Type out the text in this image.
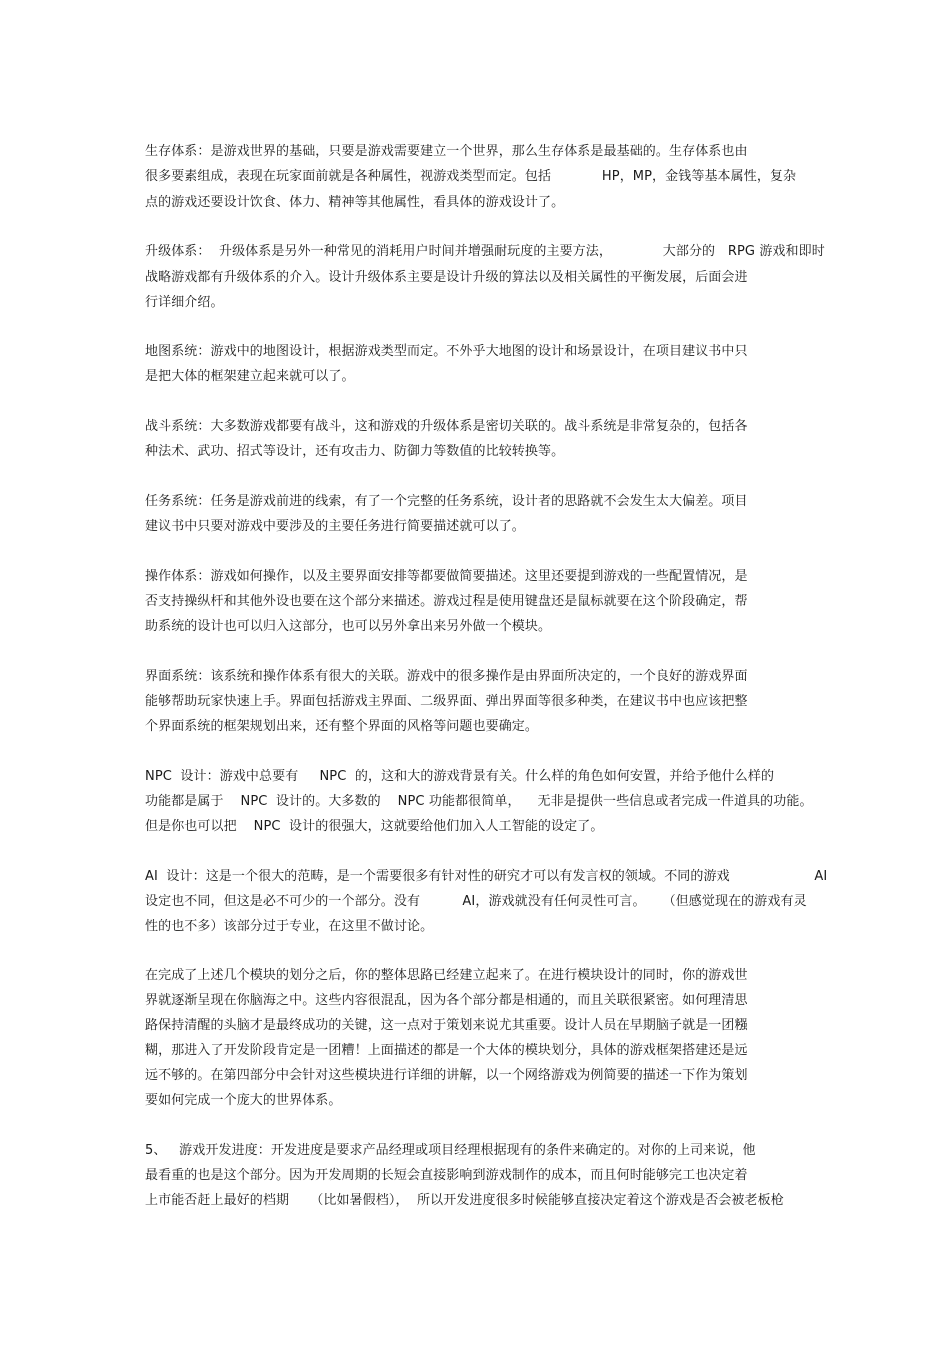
生存体系：是游戏世界的基础，只要是游戏需要建立一个世界，那么生存体系是最基础的。生存体系也由

很多要素组成，表现在玩家面前就是各种属性，视游戏类型而定。包括            HP，MP，金钱等基本属性，复杂

点的游戏还要设计饮食、体力、精神等其他属性，看具体的游戏设计了。

升级体系：  升级体系是另外一种常见的消耗用户时间并增强耐玩度的主要方法，            大部分的   RPG 游戏和即时

战略游戏都有升级体系的介入。设计升级体系主要是设计升级的算法以及相关属性的平衡发展，后面会进

行详细介绍。

地图系统：游戏中的地图设计，根据游戏类型而定。不外乎大地图的设计和场景设计，在项目建议书中只

是把大体的框架建立起来就可以了。

战斗系统：大多数游戏都要有战斗，这和游戏的升级体系是密切关联的。战斗系统是非常复杂的，包括各

种法术、武功、招式等设计，还有攻击力、防御力等数值的比较转换等。

任务系统：任务是游戏前进的线索，有了一个完整的任务系统，设计者的思路就不会发生太大偏差。项目

建议书中只要对游戏中要涉及的主要任务进行简要描述就可以了。

操作体系：游戏如何操作，以及主要界面安排等都要做简要描述。这里还要提到游戏的一些配置情况，是

否支持操纵杆和其他外设也要在这个部分来描述。游戏过程是使用键盘还是鼠标就要在这个阶段确定，帮

助系统的设计也可以归入这部分，也可以另外拿出来另外做一个模块。

界面系统：该系统和操作体系有很大的关联。游戏中的很多操作是由界面所决定的，一个良好的游戏界面

能够帮助玩家快速上手。界面包括游戏主界面、二级界面、弹出界面等很多种类，在建议书中也应该把整

个界面系统的框架规划出来，还有整个界面的风格等问题也要确定。

NPC  设计：游戏中总要有     NPC  的，这和大的游戏背景有关。什么样的角色如何安置，并给予他什么样的

功能都是属于    NPC  设计的。大多数的    NPC 功能都很简单，    无非是提供一些信息或者完成一件道具的功能。

但是你也可以把    NPC  设计的很强大，这就要给他们加入人工智能的设定了。

AI  设计：这是一个很大的范畴，是一个需要很多有针对性的研究才可以有发言权的领域。不同的游戏                    AI

设定也不同，但这是必不可少的一个部分。没有          AI，游戏就没有任何灵性可言。    （但感觉现在的游戏有灵

性的也不多）该部分过于专业，在这里不做讨论。

在完成了上述几个模块的划分之后，你的整体思路已经建立起来了。在进行模块设计的同时，你的游戏世

界就逐渐呈现在你脑海之中。这些内容很混乱，因为各个部分都是相通的，而且关联很紧密。如何理清思

路保持清醒的头脑才是最终成功的关键，这一点对于策划来说尤其重要。设计人员在早期脑子就是一团糨

糊，那进入了开发阶段肯定是一团糟！上面描述的都是一个大体的模块划分，具体的游戏框架搭建还是远

远不够的。在第四部分中会针对这些模块进行详细的讲解，以一个网络游戏为例简要的描述一下作为策划

要如何完成一个庞大的世界体系。

5、   游戏开发进度：开发进度是要求产品经理或项目经理根据现有的条件来确定的。对你的上司来说，他

最看重的也是这个部分。因为开发周期的长短会直接影响到游戏制作的成本，而且何时能够完工也决定着

上市能否赶上最好的档期     （比如暑假档），  所以开发进度很多时候能够直接决定着这个游戏是否会被老板枪
